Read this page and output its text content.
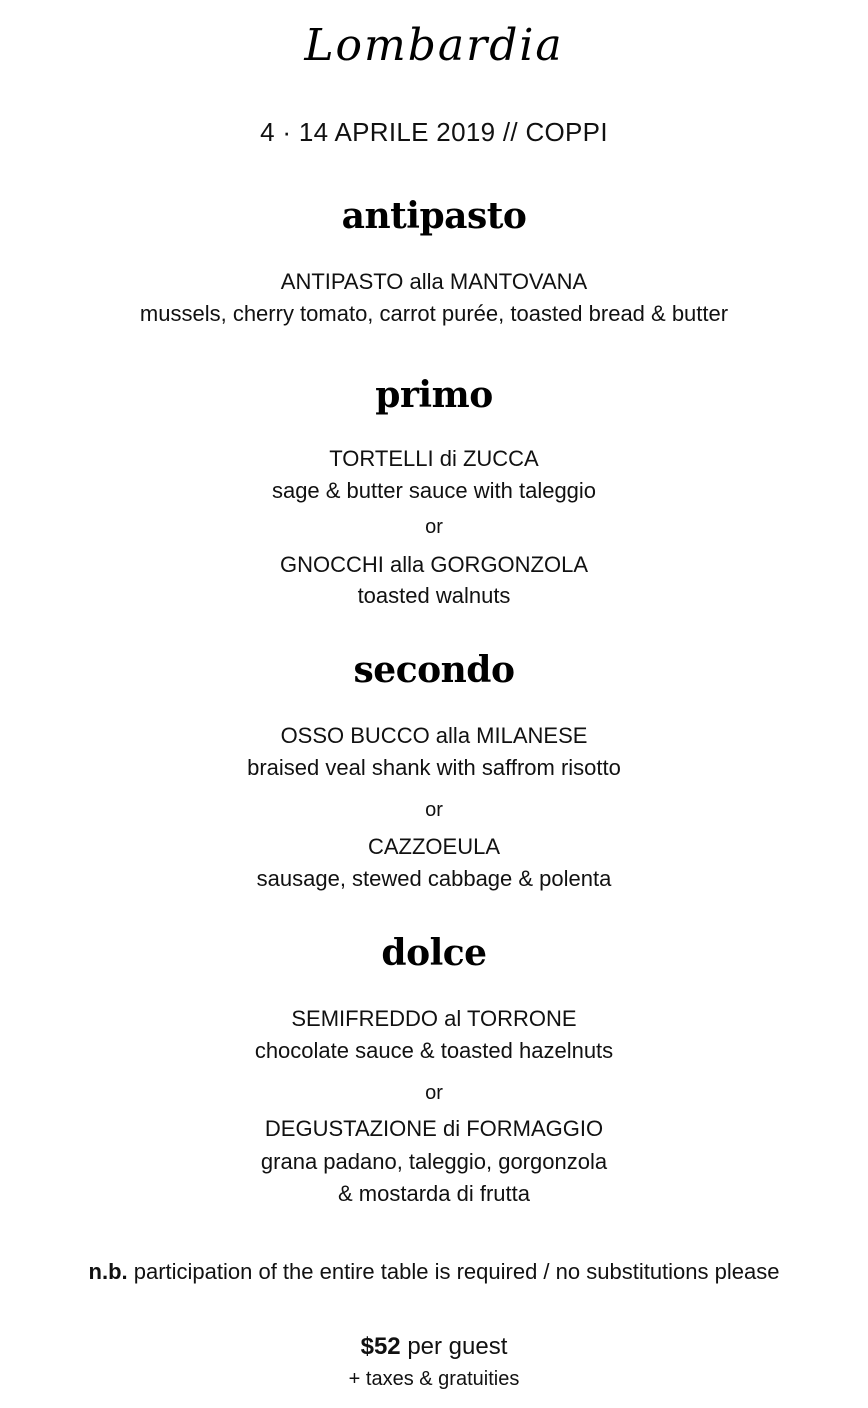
Lombardia
4 · 14 APRILE 2019 // COPPI
antipasto
ANTIPASTO alla MANTOVANA
mussels, cherry tomato, carrot purée, toasted bread & butter
primo
TORTELLI di ZUCCA
sage & butter sauce with taleggio
or
GNOCCHI alla GORGONZOLA
toasted walnuts
secondo
OSSO BUCCO alla MILANESE
braised veal shank with saffrom risotto
or
CAZZOEULA
sausage, stewed cabbage & polenta
dolce
SEMIFREDDO al TORRONE
chocolate sauce & toasted hazelnuts
or
DEGUSTAZIONE di FORMAGGIO
grana padano, taleggio, gorgonzola
& mostarda di frutta
n.b. participation of the entire table is required / no substitutions please
$52 per guest
+ taxes & gratuities
